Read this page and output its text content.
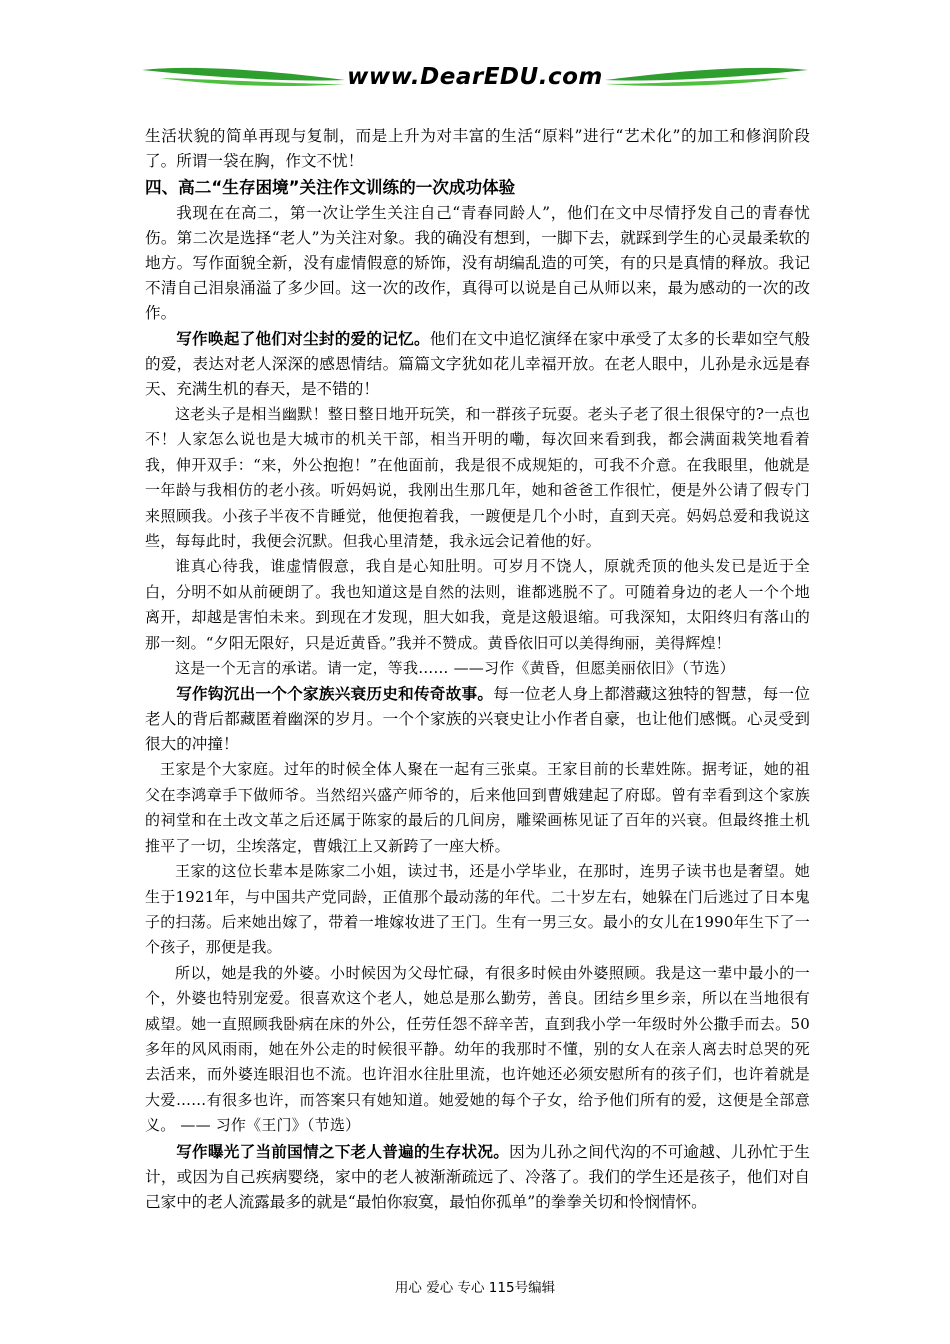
www.DearEDU.com

生活状貌的简单再现与复制，而是上升为对丰富的生活“原料”进行“艺术化”的加工和修润阶段了。所谓一袋在胸，作文不忧！

四、高二“生存困境”关注作文训练的一次成功体验

我现在在高二，第一次让学生关注自己“青春同龄人”，他们在文中尽情抒发自己的青春忧伤。第二次是选择“老人”为关注对象。我的确没有想到，一脚下去，就踩到学生的心灵最柔软的地方。写作面貌全新，没有虚情假意的矫饰，没有胡编乱造的可笑，有的只是真情的释放。我记不清自己泪泉涌溢了多少回。这一次的改作，真得可以说是自己从师以来，最为感动的一次的改作。

写作唤起了他们对尘封的爱的记忆。他们在文中追忆演绎在家中承受了太多的长辈如空气般的爱，表达对老人深深的感恩情结。篇篇文字犹如花儿幸福开放。在老人眼中，儿孙是永远是春天、充满生机的春天，是不错的！

这老头子是相当幽默！整日整日地开玩笑，和一群孩子玩耍。老头子老了很土很保守的?一点也不！人家怎么说也是大城市的机关干部，相当开明的嘞，每次回来看到我，都会满面栽笑地看着我，伸开双手：“来，外公抱抱！”在他面前，我是很不成规矩的，可我不介意。在我眼里，他就是一年龄与我相仿的老小孩。听妈妈说，我刚出生那几年，她和爸爸工作很忙，便是外公请了假专门来照顾我。小孩子半夜不肯睡觉，他便抱着我，一踱便是几个小时，直到天亮。妈妈总爱和我说这些，每每此时，我便会沉默。但我心里清楚，我永远会记着他的好。

谁真心待我，谁虚情假意，我自是心知肚明。可岁月不饶人，原就秃顶的他头发已是近于全白，分明不如从前硬朗了。我也知道这是自然的法则，谁都逃脱不了。可随着身边的老人一个个地离开，却越是害怕未来。到现在才发现，胆大如我，竟是这般退缩。可我深知，太阳终归有落山的那一刻。“夕阳无限好，只是近黄昏。”我并不赞成。黄昏依旧可以美得绚丽，美得辉煌！

这是一个无言的承诺。请一定，等我…… ——习作《黄昏，但愿美丽依旧》（节选）

写作钩沉出一个个家族兴衰历史和传奇故事。每一位老人身上都潜藏这独特的智慧，每一位老人的背后都藏匿着幽深的岁月。一个个家族的兴衰史让小作者自豪，也让他们感慨。心灵受到很大的冲撞！

王家是个大家庭。过年的时候全体人聚在一起有三张桌。王家目前的长辈姓陈。据考证，她的祖父在李鸿章手下做师爷。当然绍兴盛产师爷的，后来他回到曹娥建起了府邸。曾有幸看到这个家族的祠堂和在土改文革之后还属于陈家的最后的几间房，雕梁画栋见证了百年的兴衰。但最终推土机推平了一切，尘埃落定，曹娥江上又新跨了一座大桥。

王家的这位长辈本是陈家二小姐，读过书，还是小学毕业，在那时，连男子读书也是奢望。她生于1921年，与中国共产党同龄，正值那个最动荡的年代。二十岁左右，她躲在门后逃过了日本鬼子的扫荡。后来她出嫁了，带着一堆嫁妆进了王门。生有一男三女。最小的女儿在1990年生下了一个孩子，那便是我。

所以，她是我的外婆。小时候因为父母忙碌，有很多时候由外婆照顾。我是这一辈中最小的一个，外婆也特别宠爱。很喜欢这个老人，她总是那么勤劳，善良。团结乡里乡亲，所以在当地很有威望。她一直照顾我卧病在床的外公，任劳任怨不辞辛苦，直到我小学一年级时外公撒手而去。50多年的风风雨雨，她在外公走的时候很平静。幼年的我那时不懂，别的女人在亲人离去时总哭的死去活来，而外婆连眼泪也不流。也许泪水往肚里流，也许她还必须安慰所有的孩子们，也许着就是大爱……有很多也许，而答案只有她知道。她爱她的每个子女，给予他们所有的爱，这便是全部意义。 —— 习作《王门》（节选）

写作曝光了当前国情之下老人普遍的生存状况。因为儿孙之间代沟的不可逾越、儿孙忙于生计，或因为自己疾病婴绕，家中的老人被渐渐疏远了、冷落了。我们的学生还是孩子，他们对自己家中的老人流露最多的就是“最怕你寂寞，最怕你孤单”的拳拳关切和怜悯情怀。

用心 爱心 专心 115号编辑
